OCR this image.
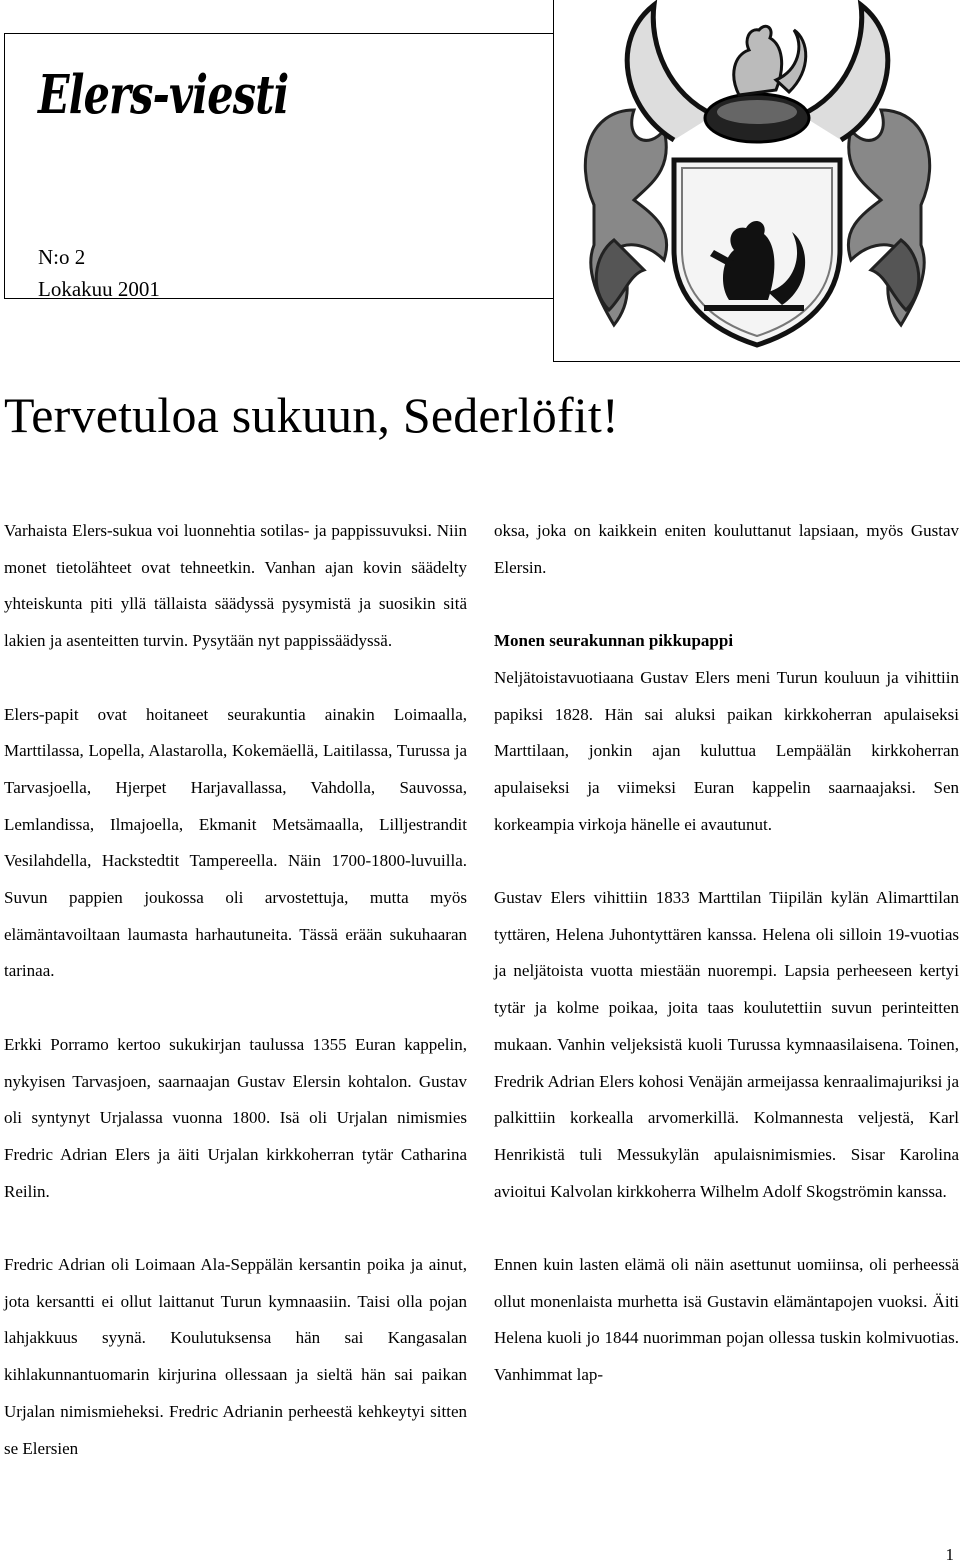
Elers-viesti
N:o 2
Lokakuu 2001
Tervetuloa sukuun, Sederlöfit!

Varhaista Elers-sukua voi luonnehtia sotilas- ja pappissuvuksi. Niin monet tietolähteet ovat tehneetkin. Vanhan ajan kovin säädelty yhteiskunta piti yllä tällaista säädyssä pysymistä ja suosikin sitä lakien ja asenteitten turvin. Pysytään nyt pappissäädyssä.

Elers-papit ovat hoitaneet seurakuntia ainakin Loimaalla, Marttilassa, Lopella, Alastarolla, Kokemäellä, Laitilassa, Turussa ja Tarvasjoella, Hjerpet Harjavallassa, Vahdolla, Sauvossa, Lemlandissa, Ilmajoella, Ekmanit Metsämaalla, Lilljestrandit Vesilahdella, Hackstedtit Tampereella. Näin 1700-1800-luvuilla. Suvun pappien joukossa oli arvostettuja, mutta myös elämäntavoiltaan laumasta harhautuneita. Tässä erään sukuhaaran tarinaa.

Erkki Porramo kertoo sukukirjan taulussa 1355 Euran kappelin, nykyisen Tarvasjoen, saarnaajan Gustav Elersin kohtalon. Gustav oli syntynyt Urjalassa vuonna 1800. Isä oli Urjalan nimismies Fredric Adrian Elers ja äiti Urjalan kirkkoherran tytär Catharina Reilin.

Fredric Adrian oli Loimaan Ala-Seppälän kersantin poika ja ainut, jota kersantti ei ollut laittanut Turun kymnaasiin. Taisi olla pojan lahjakkuus syynä. Koulutuksensa hän sai Kangasalan kihlakunnantuomarin kirjurina ollessaan ja sieltä hän sai paikan Urjalan nimismieheksi. Fredric Adrianin perheestä kehkeytyi sitten se Elersien

oksa, joka on kaikkein eniten kouluttanut lapsiaan, myös Gustav Elersin.

Monen seurakunnan pikkupappi

Neljätoistavuotiaana Gustav Elers meni Turun kouluun ja vihittiin papiksi 1828. Hän sai aluksi paikan kirkkoherran apulaiseksi Marttilaan, jonkin ajan kuluttua Lempäälän kirkkoherran apulaiseksi ja viimeksi Euran kappelin saarnaajaksi. Sen korkeampia virkoja hänelle ei avautunut.

Gustav Elers vihittiin 1833 Marttilan Tiipilän kylän Alimarttilan tyttären, Helena Juhontyttären kanssa. Helena oli silloin 19-vuotias ja neljätoista vuotta miestään nuorempi. Lapsia perheeseen kertyi tytär ja kolme poikaa, joita taas koulutettiin suvun perinteitten mukaan. Vanhin veljeksistä kuoli Turussa kymnaasilaisena. Toinen, Fredrik Adrian Elers kohosi Venäjän armeijassa kenraalimajuriksi ja palkittiin korkealla arvomerkillä. Kolmannesta veljestä, Karl Henrikistä tuli Messukylän apulaisnimismies. Sisar Karolina avioitui Kalvolan kirkkoherra Wilhelm Adolf Skogströmin kanssa.

Ennen kuin lasten elämä oli näin asettunut uomiinsa, oli perheessä ollut monenlaista murhetta isä Gustavin elämäntapojen vuoksi. Äiti Helena kuoli jo 1844 nuorimman pojan ollessa tuskin kolmivuotias. Vanhimmat lap-

1
